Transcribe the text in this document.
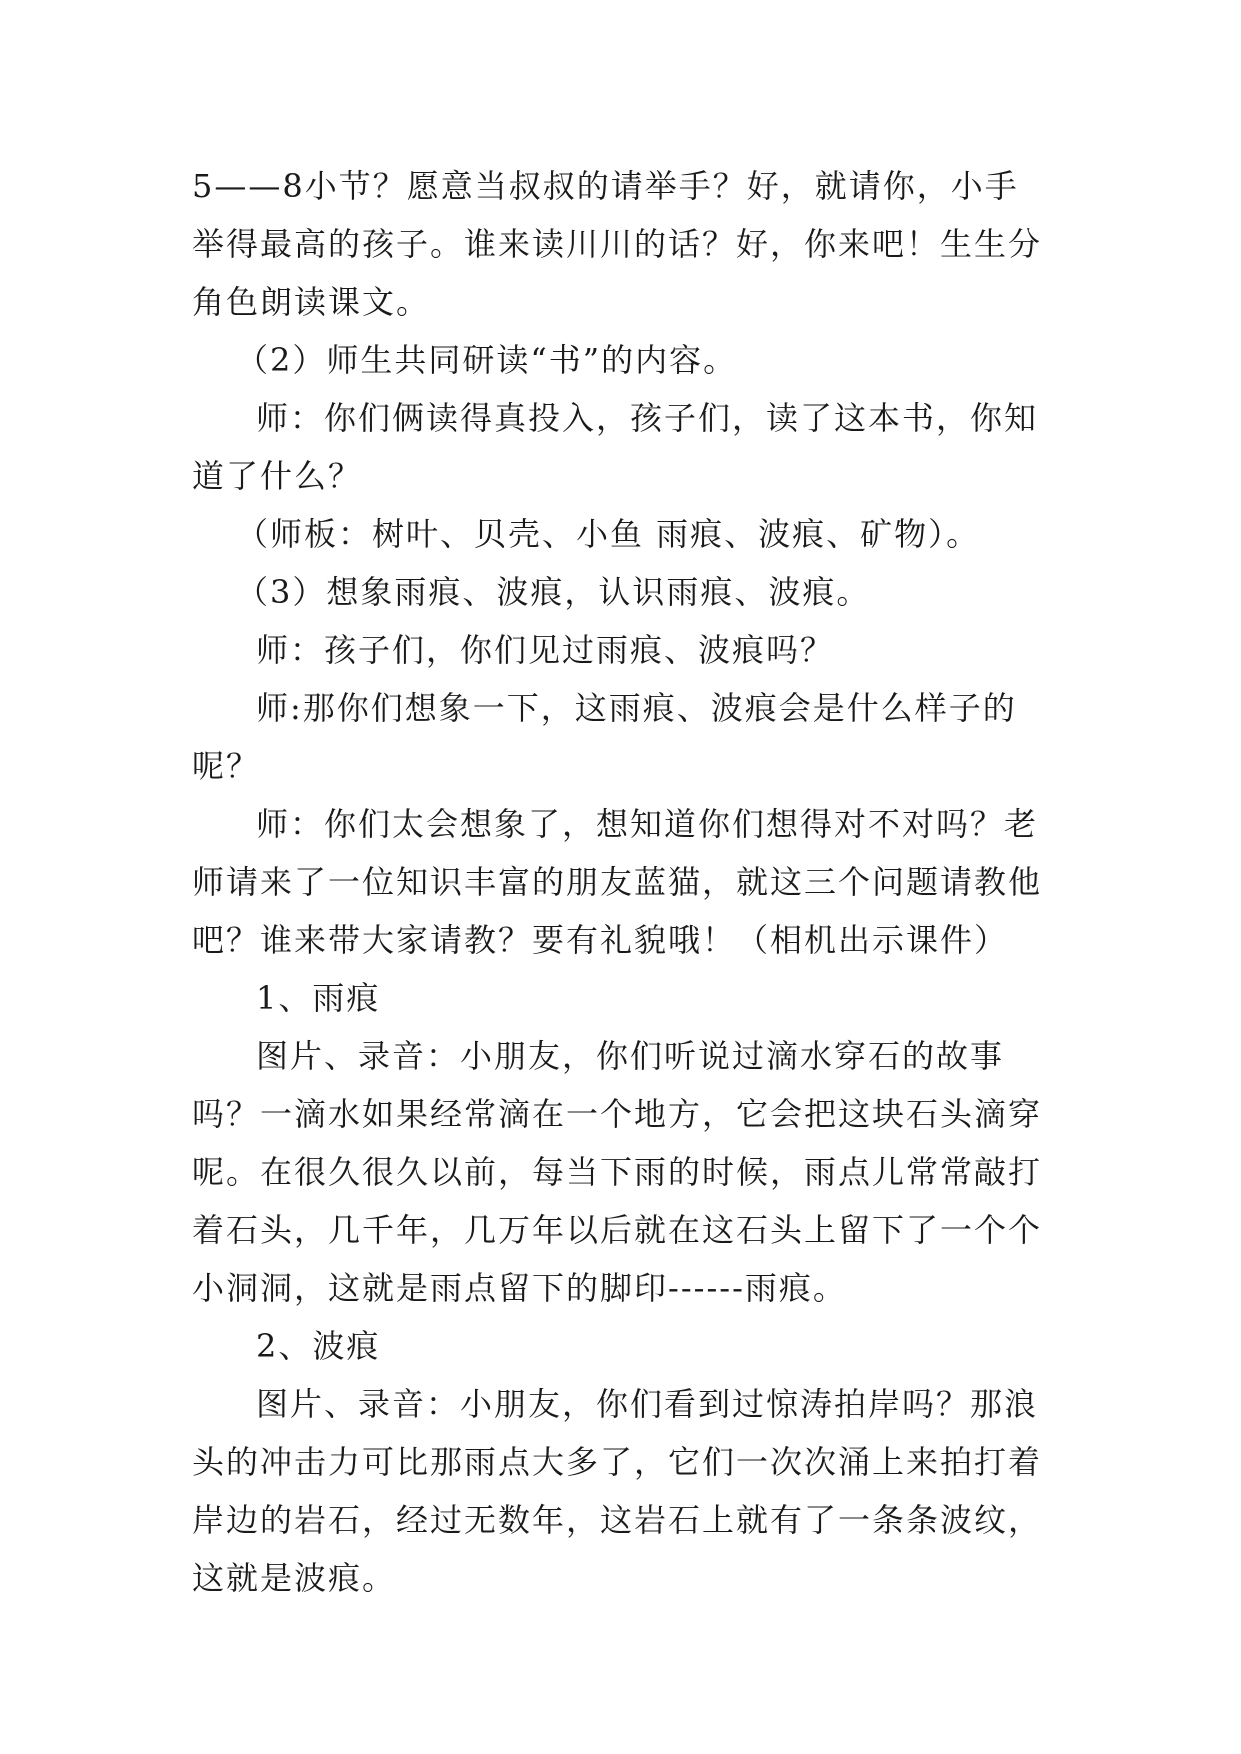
5——8小节？愿意当叔叔的请举手？好，就请你，小手举得最高的孩子。谁来读川川的话？好，你来吧！生生分角色朗读课文。

（2）师生共同研读“书”的内容。

师：你们俩读得真投入，孩子们，读了这本书，你知道了什么？

（师板：树叶、贝壳、小鱼 雨痕、波痕、矿物）。

（3）想象雨痕、波痕，认识雨痕、波痕。

师：孩子们，你们见过雨痕、波痕吗？

师:那你们想象一下，这雨痕、波痕会是什么样子的呢？

师：你们太会想象了，想知道你们想得对不对吗？老师请来了一位知识丰富的朋友蓝猫，就这三个问题请教他吧？谁来带大家请教？要有礼貌哦！（相机出示课件）

1、雨痕

图片、录音：小朋友，你们听说过滴水穿石的故事吗？一滴水如果经常滴在一个地方，它会把这块石头滴穿呢。在很久很久以前，每当下雨的时候，雨点儿常常敲打着石头，几千年，几万年以后就在这石头上留下了一个个小洞洞，这就是雨点留下的脚印------雨痕。

2、波痕

图片、录音：小朋友，你们看到过惊涛拍岸吗？那浪头的冲击力可比那雨点大多了，它们一次次涌上来拍打着岸边的岩石，经过无数年，这岩石上就有了一条条波纹，这就是波痕。
